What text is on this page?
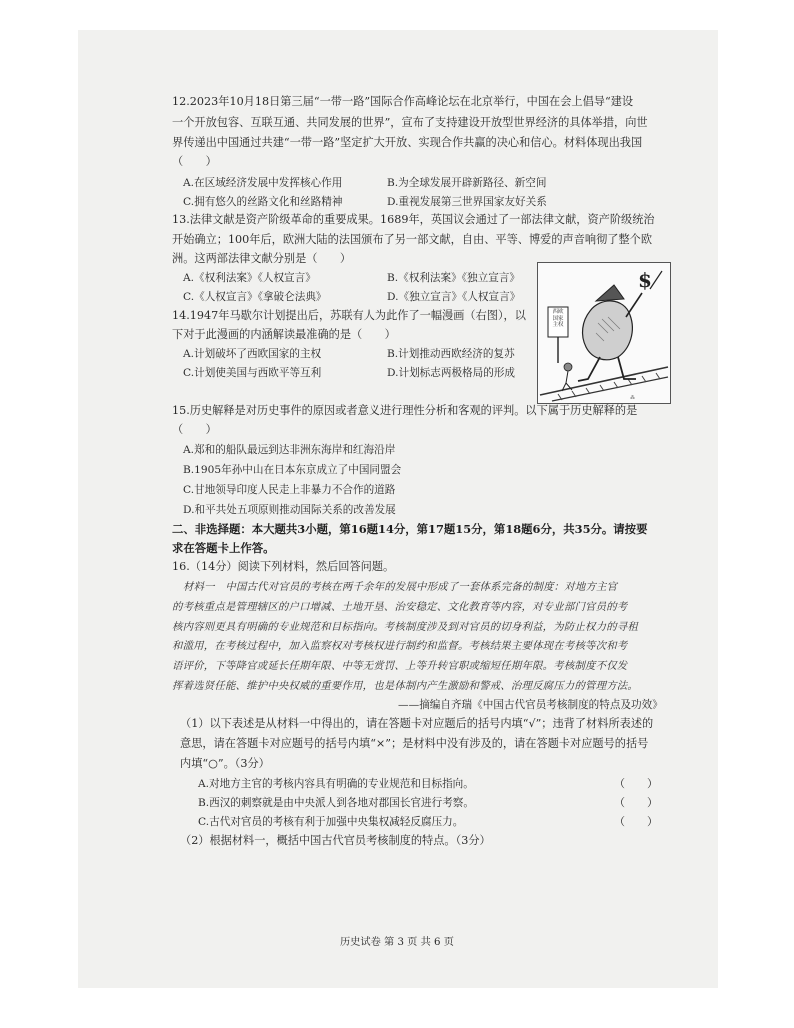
12.2023年10月18日第三届“一带一路”国际合作高峰论坛在北京举行，中国在会上倡导“建设
一个开放包容、互联互通、共同发展的世界”，宣布了支持建设开放型世界经济的具体举措，向世
界传递出中国通过共建“一带一路”坚定扩大开放、实现合作共赢的决心和信心。材料体现出我国
（　　）
A.在区域经济发展中发挥核心作用	B.为全球发展开辟新路径、新空间
C.拥有悠久的丝路文化和丝路精神	D.重视发展第三世界国家友好关系
13.法律文献是资产阶级革命的重要成果。1689年，英国议会通过了一部法律文献，资产阶级统治
开始确立；100年后，欧洲大陆的法国颁布了另一部文献，自由、平等、博爱的声音响彻了整个欧
洲。这两部法律文献分别是（　　）
A.《权利法案》《人权宣言》	B.《权利法案》《独立宣言》
C.《人权宣言》《拿破仑法典》	D.《独立宣言》《人权宣言》
$
⁂
西欧国家主权
14.1947年马歇尔计划提出后，苏联有人为此作了一幅漫画（右图），以
下对于此漫画的内涵解读最准确的是（　　）
A.计划破坏了西欧国家的主权	B.计划推动西欧经济的复苏
C.计划使美国与西欧平等互利	D.计划标志两极格局的形成
15.历史解释是对历史事件的原因或者意义进行理性分析和客观的评判。以下属于历史解释的是
（　　）
A.郑和的船队最远到达非洲东海岸和红海沿岸
B.1905年孙中山在日本东京成立了中国同盟会
C.甘地领导印度人民走上非暴力不合作的道路
D.和平共处五项原则推动国际关系的改善发展
二、非选择题：本大题共3小题，第16题14分，第17题15分，第18题6分，共35分。请按要
求在答题卡上作答。
16.（14分）阅读下列材料，然后回答问题。
材料一　中国古代对官员的考核在两千余年的发展中形成了一套体系完备的制度：对地方主官
的考核重点是管理辖区的户口增减、土地开垦、治安稳定、文化教育等内容，对专业部门官员的考
核内容则更具有明确的专业规范和目标指向。考核制度涉及到对官员的切身利益，为防止权力的寻租
和滥用，在考核过程中，加入监察权对考核权进行制约和监督。考核结果主要体现在考核等次和考
语评价，下等降官或延长任期年限、中等无赏罚、上等升转官职或缩短任期年限。考核制度不仅发
挥着选贤任能、维护中央权威的重要作用，也是体制内产生激励和警戒、治理反腐压力的管理方法。
——摘编自齐瑞《中国古代官员考核制度的特点及功效》
（1）以下表述是从材料一中得出的，请在答题卡对应题后的括号内填“√”；违背了材料所表述的
意思，请在答题卡对应题号的括号内填“×”；是材料中没有涉及的，请在答题卡对应题号的括号
内填“○”。（3分）
A.对地方主官的考核内容具有明确的专业规范和目标指向。	（　　）
B.西汉的刺察就是由中央派人到各地对郡国长官进行考察。	（　　）
C.古代对官员的考核有利于加强中央集权减轻反腐压力。	（　　）
（2）根据材料一，概括中国古代官员考核制度的特点。（3分）
历史试卷 第 3 页 共 6 页
